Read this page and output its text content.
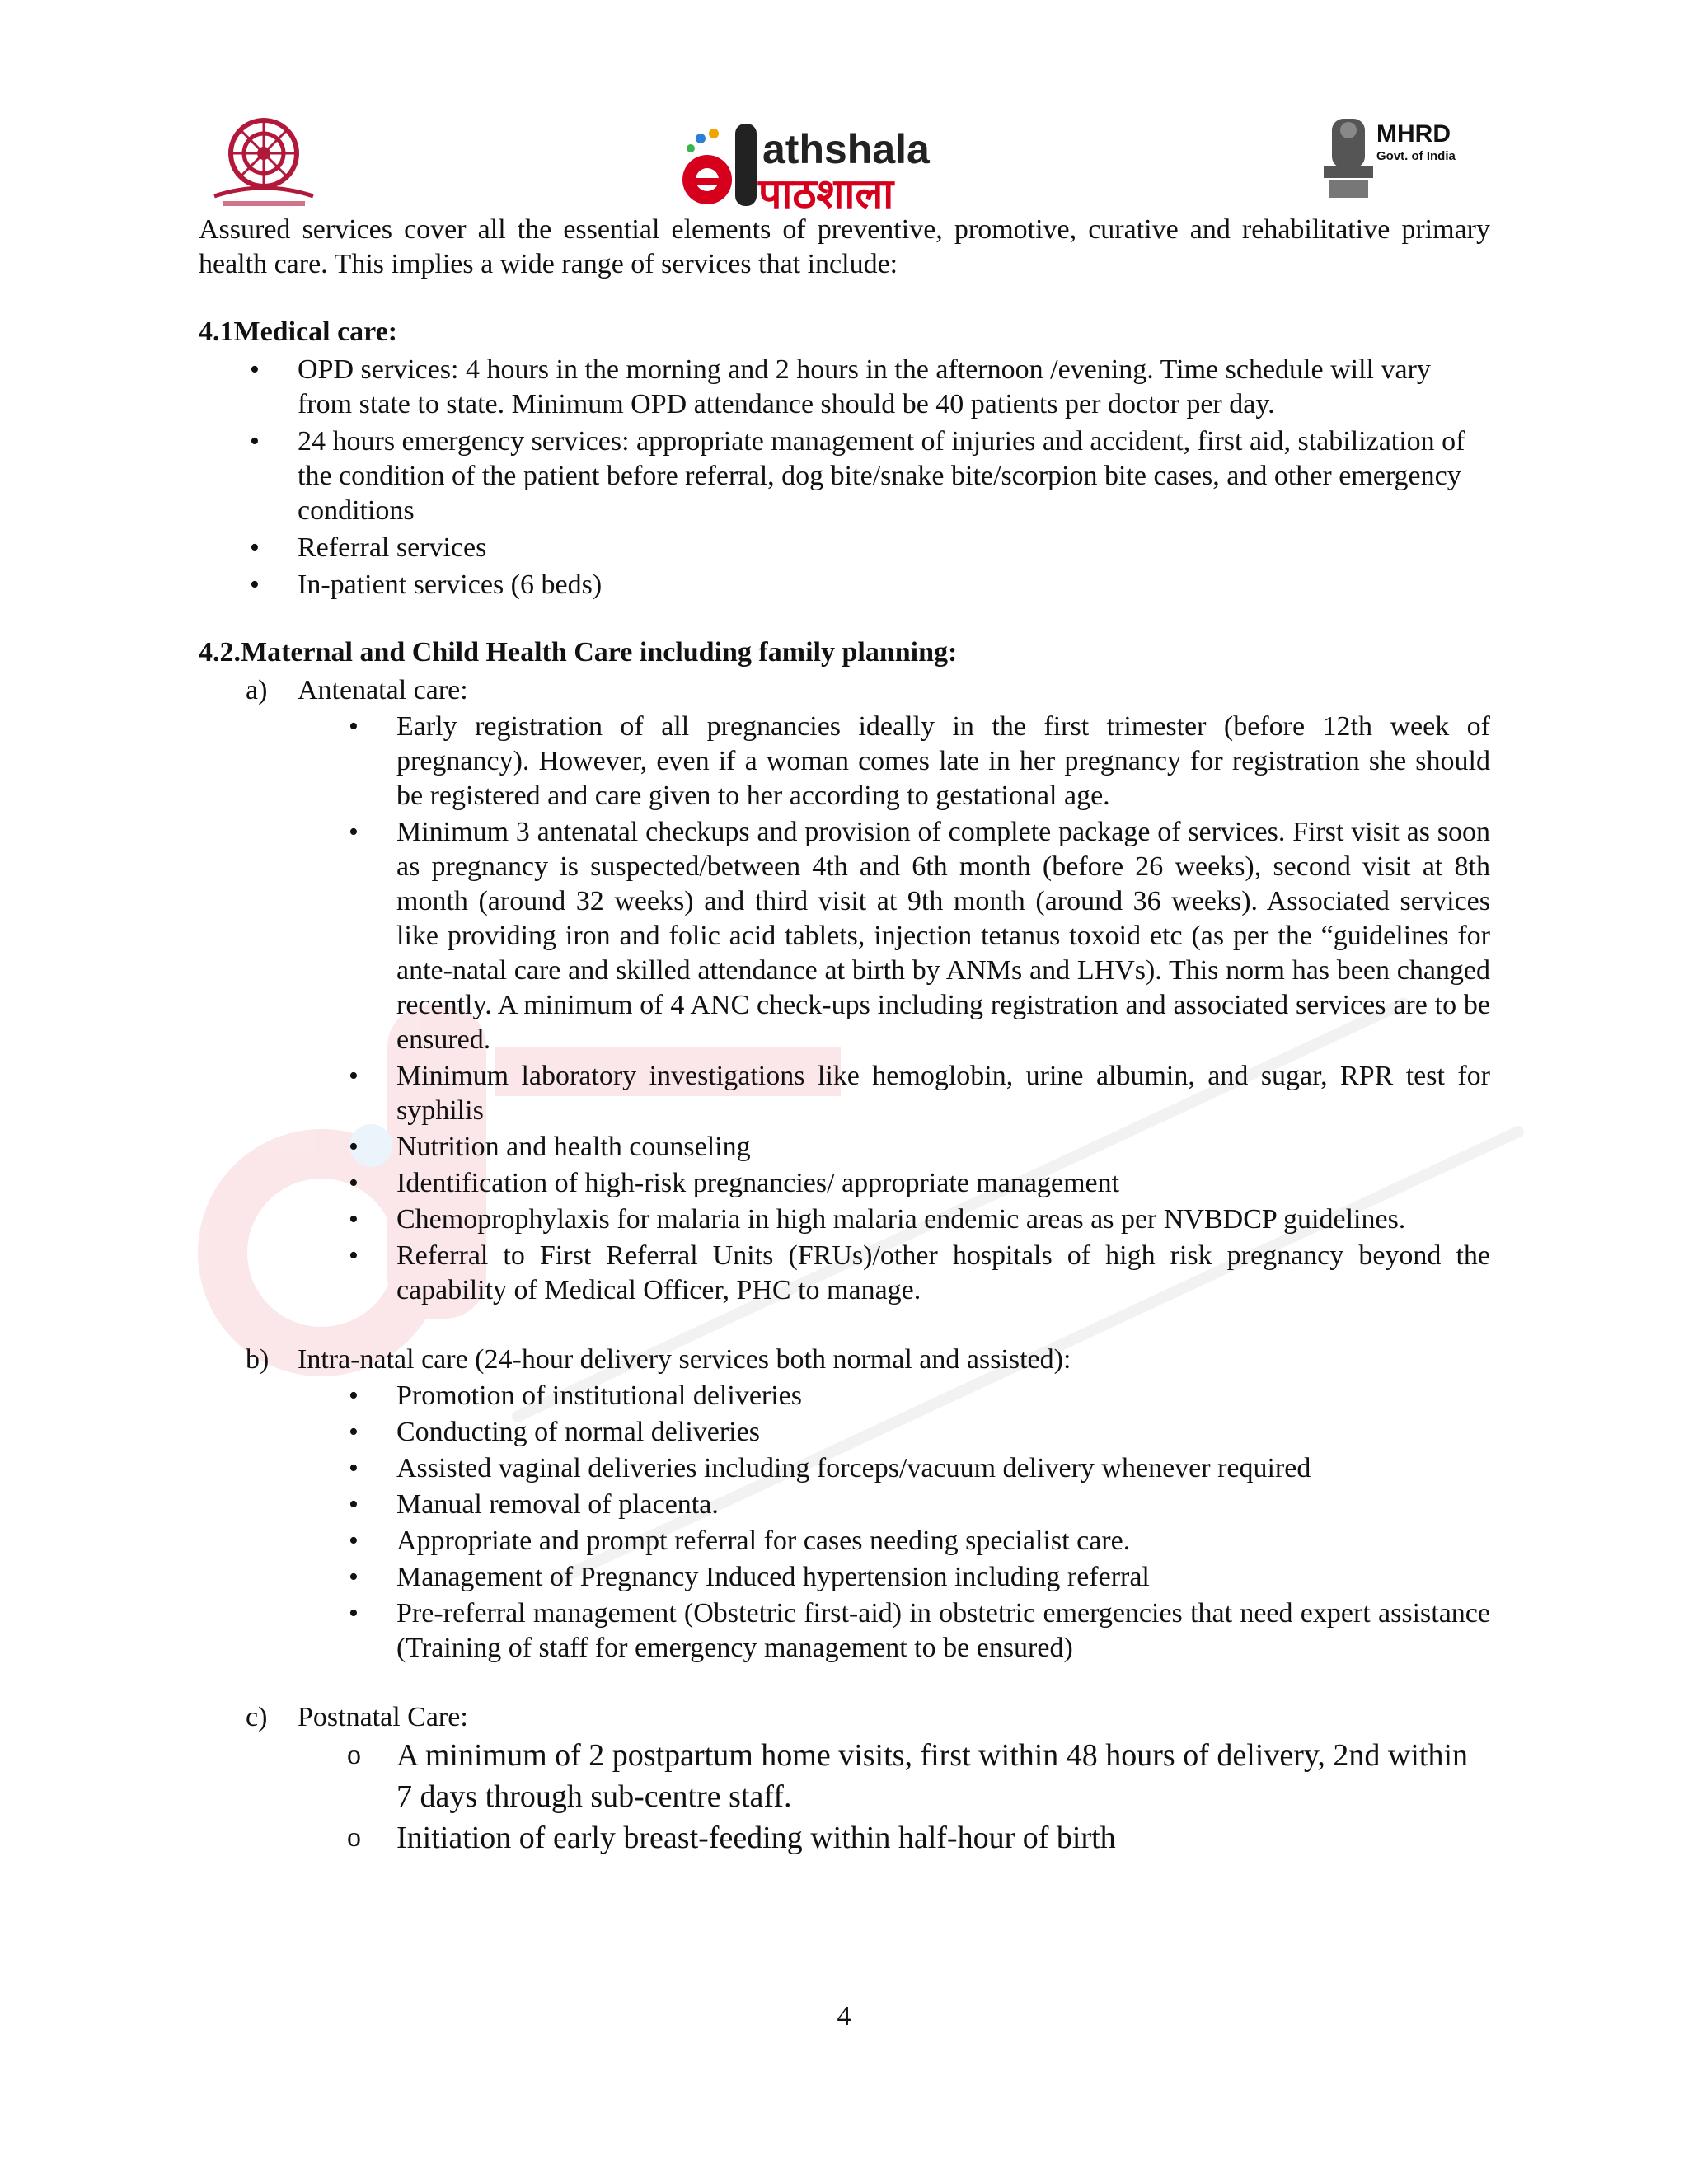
athshala
पाठशाला
MHRD
Govt. of India

Assured services cover all the essential elements of preventive, promotive, curative and rehabilitative primary health care. This implies a wide range of services that include:

4.1Medical care:
• OPD services: 4 hours in the morning and 2 hours in the afternoon /evening. Time schedule will vary from state to state. Minimum OPD attendance should be 40 patients per doctor per day.
• 24 hours emergency services: appropriate management of injuries and accident, first aid, stabilization of the condition of the patient before referral, dog bite/snake bite/scorpion bite cases, and other emergency conditions
• Referral services
• In-patient services (6 beds)
4.2.Maternal and Child Health Care including family planning:
a) Antenatal care:
• Early registration of all pregnancies ideally in the first trimester (before 12th week of pregnancy). However, even if a woman comes late in her pregnancy for registration she should be registered and care given to her according to gestational age.
• Minimum 3 antenatal checkups and provision of complete package of services. First visit as soon as pregnancy is suspected/between 4th and 6th month (before 26 weeks), second visit at 8th month (around 32 weeks) and third visit at 9th month (around 36 weeks). Associated services like providing iron and folic acid tablets, injection tetanus toxoid etc (as per the “guidelines for ante-natal care and skilled attendance at birth by ANMs and LHVs). This norm has been changed recently. A minimum of 4 ANC check-ups including registration and associated services are to be ensured.
• Minimum laboratory investigations like hemoglobin, urine albumin, and sugar, RPR test for syphilis
• Nutrition and health counseling
• Identification of high-risk pregnancies/ appropriate management
• Chemoprophylaxis for malaria in high malaria endemic areas as per NVBDCP guidelines.
• Referral to First Referral Units (FRUs)/other hospitals of high risk pregnancy beyond the capability of Medical Officer, PHC to manage.
b) Intra-natal care (24-hour delivery services both normal and assisted):
• Promotion of institutional deliveries
• Conducting of normal deliveries
• Assisted vaginal deliveries including forceps/vacuum delivery whenever required
• Manual removal of placenta.
• Appropriate and prompt referral for cases needing specialist care.
• Management of Pregnancy Induced hypertension including referral
• Pre-referral management (Obstetric first-aid) in obstetric emergencies that need expert assistance (Training of staff for emergency management to be ensured)
c) Postnatal Care:
o A minimum of 2 postpartum home visits, first within 48 hours of delivery, 2nd within 7 days through sub-centre staff.
o Initiation of early breast-feeding within half-hour of birth
4
